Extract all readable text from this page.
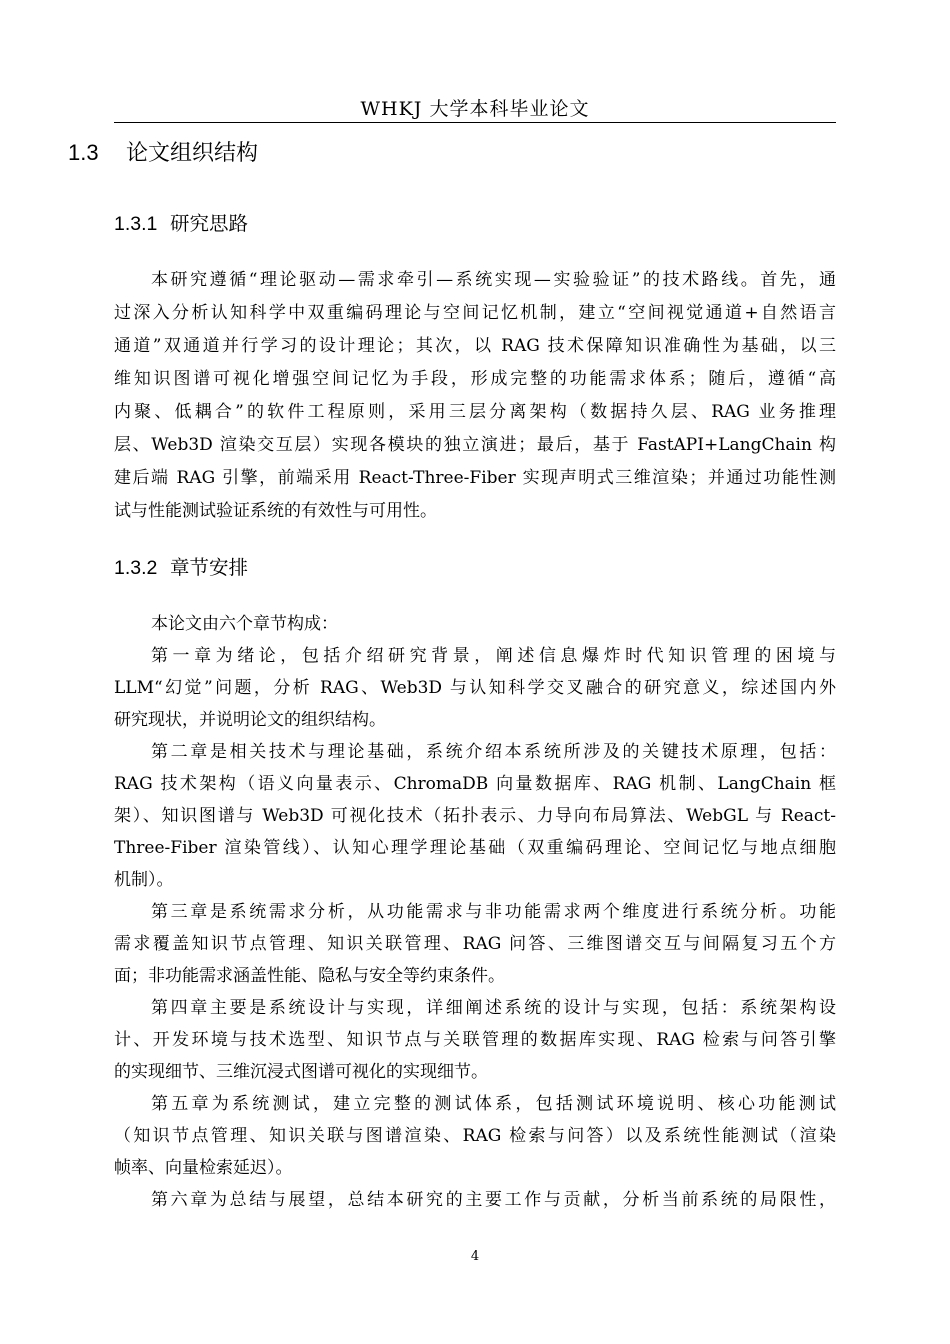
WHKJ 大学本科毕业论文
1.3 论文组织结构
1.3.1 研究思路
本研究遵循“理论驱动—需求牵引—系统实现—实验验证”的技术路线。首先，通
过深入分析认知科学中双重编码理论与空间记忆机制，建立“空间视觉通道+自然语言
通道”双通道并行学习的设计理论；其次，以 RAG 技术保障知识准确性为基础，以三
维知识图谱可视化增强空间记忆为手段，形成完整的功能需求体系；随后，遵循“高
内聚、低耦合”的软件工程原则，采用三层分离架构（数据持久层、RAG 业务推理
层、Web3D 渲染交互层）实现各模块的独立演进；最后，基于 FastAPI+LangChain 构
建后端 RAG 引擎，前端采用 React-Three-Fiber 实现声明式三维渲染；并通过功能性测
试与性能测试验证系统的有效性与可用性。
1.3.2 章节安排
本论文由六个章节构成：
第一章为绪论，包括介绍研究背景，阐述信息爆炸时代知识管理的困境与
LLM“幻觉”问题，分析 RAG、Web3D 与认知科学交叉融合的研究意义，综述国内外
研究现状，并说明论文的组织结构。
第二章是相关技术与理论基础，系统介绍本系统所涉及的关键技术原理，包括：
RAG 技术架构（语义向量表示、ChromaDB 向量数据库、RAG 机制、LangChain 框
架）、知识图谱与 Web3D 可视化技术（拓扑表示、力导向布局算法、WebGL 与 React-
Three-Fiber 渲染管线）、认知心理学理论基础（双重编码理论、空间记忆与地点细胞
机制）。
第三章是系统需求分析，从功能需求与非功能需求两个维度进行系统分析。功能
需求覆盖知识节点管理、知识关联管理、RAG 问答、三维图谱交互与间隔复习五个方
面；非功能需求涵盖性能、隐私与安全等约束条件。
第四章主要是系统设计与实现，详细阐述系统的设计与实现，包括：系统架构设
计、开发环境与技术选型、知识节点与关联管理的数据库实现、RAG 检索与问答引擎
的实现细节、三维沉浸式图谱可视化的实现细节。
第五章为系统测试，建立完整的测试体系，包括测试环境说明、核心功能测试
（知识节点管理、知识关联与图谱渲染、RAG 检索与问答）以及系统性能测试（渲染
帧率、向量检索延迟）。
第六章为总结与展望，总结本研究的主要工作与贡献，分析当前系统的局限性，
4
